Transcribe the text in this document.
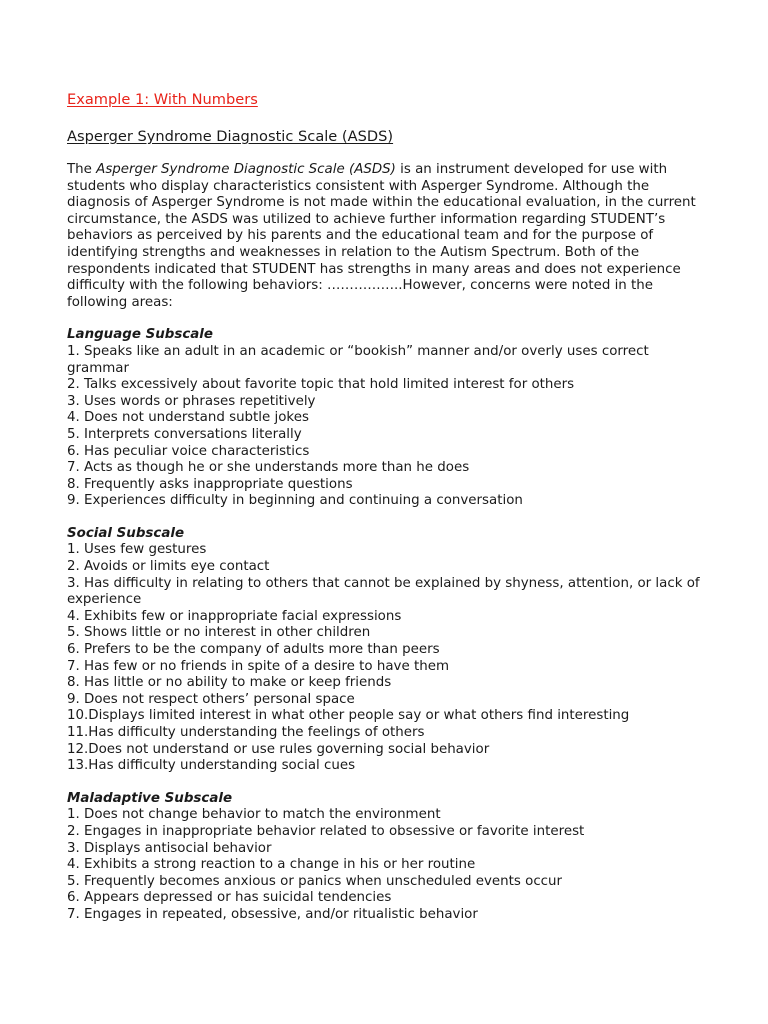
Example 1: With Numbers
Asperger Syndrome Diagnostic Scale (ASDS)

The Asperger Syndrome Diagnostic Scale (ASDS) is an instrument developed for use with students who display characteristics consistent with Asperger Syndrome. Although the diagnosis of Asperger Syndrome is not made within the educational evaluation, in the current circumstance, the ASDS was utilized to achieve further information regarding STUDENT’s behaviors as perceived by his parents and the educational team and for the purpose of identifying strengths and weaknesses in relation to the Autism Spectrum. Both of the respondents indicated that STUDENT has strengths in many areas and does not experience difficulty with the following behaviors: ……………..However, concerns were noted in the following areas:

Language Subscale
1. Speaks like an adult in an academic or “bookish” manner and/or overly uses correct grammar
2. Talks excessively about favorite topic that hold limited interest for others
3. Uses words or phrases repetitively
4. Does not understand subtle jokes
5. Interprets conversations literally
6. Has peculiar voice characteristics
7. Acts as though he or she understands more than he does
8. Frequently asks inappropriate questions
9. Experiences difficulty in beginning and continuing a conversation
Social Subscale
1. Uses few gestures
2. Avoids or limits eye contact
3. Has difficulty in relating to others that cannot be explained by shyness, attention, or lack of experience
4. Exhibits few or inappropriate facial expressions
5. Shows little or no interest in other children
6. Prefers to be the company of adults more than peers
7. Has few or no friends in spite of a desire to have them
8. Has little or no ability to make or keep friends
9. Does not respect others’ personal space
10.Displays limited interest in what other people say or what others find interesting
11.Has difficulty understanding the feelings of others
12.Does not understand or use rules governing social behavior
13.Has difficulty understanding social cues
Maladaptive Subscale
1. Does not change behavior to match the environment
2. Engages in inappropriate behavior related to obsessive or favorite interest
3. Displays antisocial behavior
4. Exhibits a strong reaction to a change in his or her routine
5. Frequently becomes anxious or panics when unscheduled events occur
6. Appears depressed or has suicidal tendencies
7. Engages in repeated, obsessive, and/or ritualistic behavior
